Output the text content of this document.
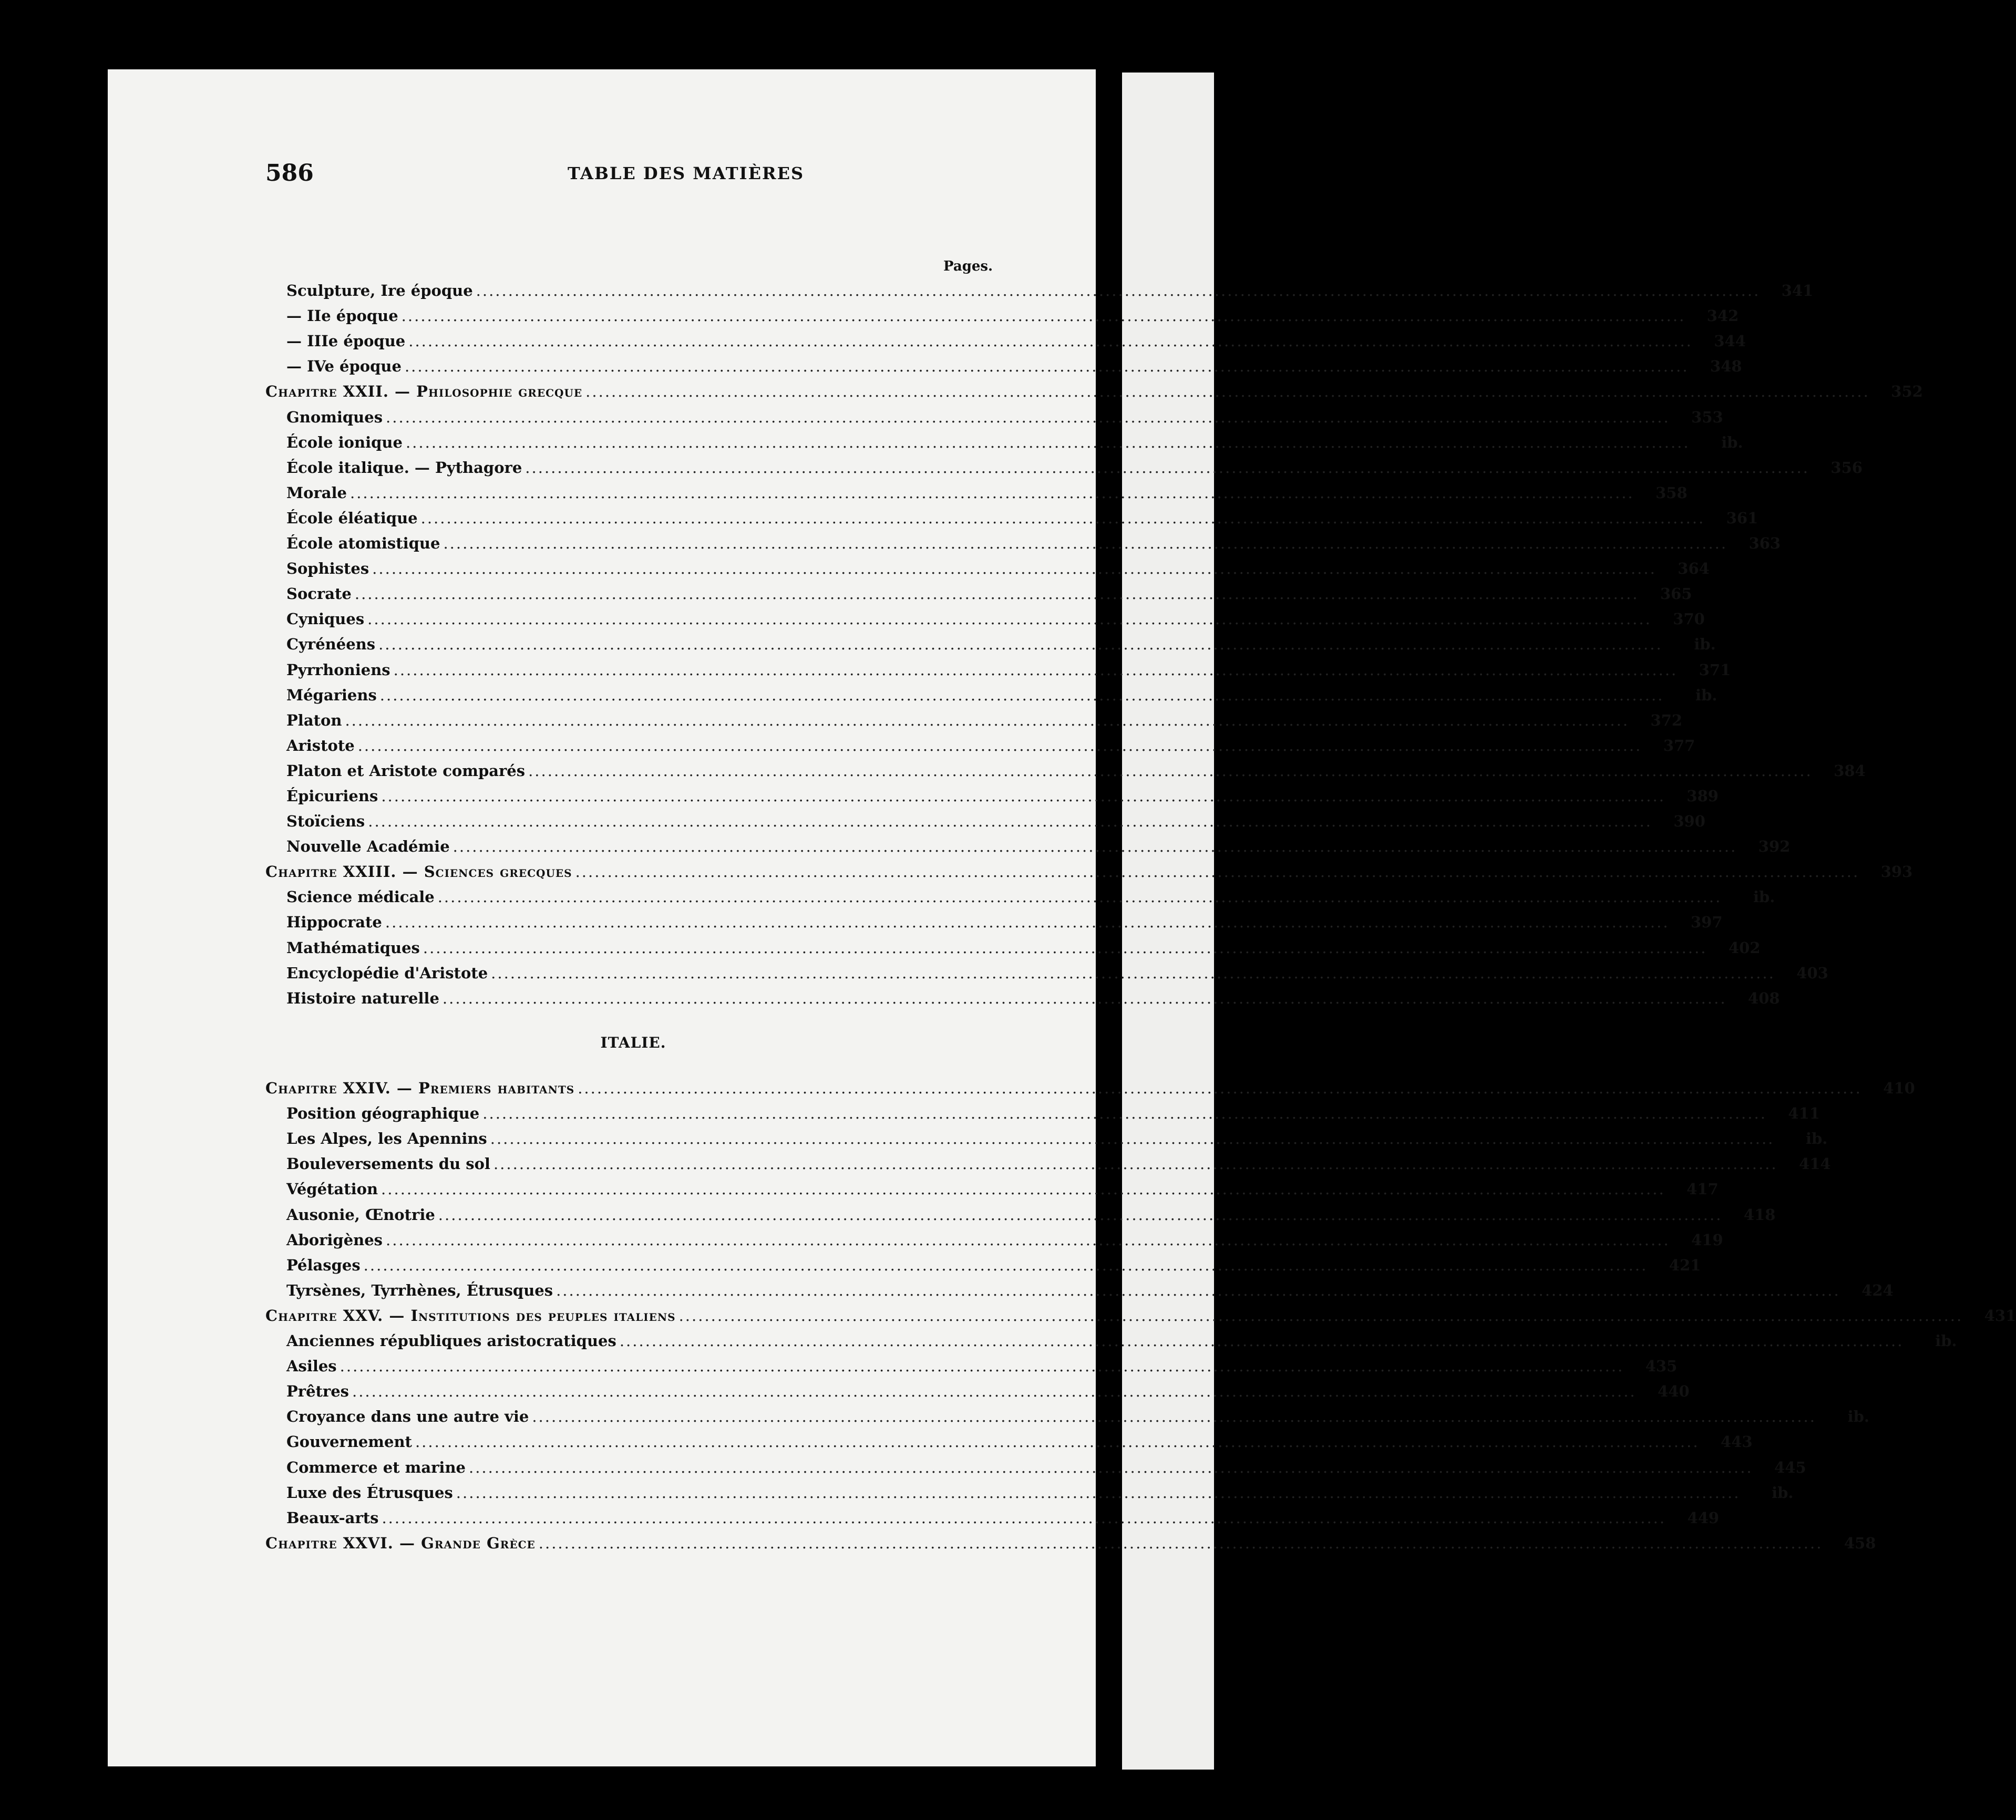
586	TABLE DES MATIÈRES
Pages.
Sculpture, Ire époque ........................................................................................................................................................................................................	341
— IIe époque ........................................................................................................................................................................................................	342
— IIIe époque ........................................................................................................................................................................................................	344
— IVe époque ........................................................................................................................................................................................................	348
Chapitre XXII. — Philosophie grecque ........................................................................................................................................................................................................	352
Gnomiques ........................................................................................................................................................................................................	353
École ionique ........................................................................................................................................................................................................	ib.
École italique. — Pythagore ........................................................................................................................................................................................................	356
Morale ........................................................................................................................................................................................................	358
École éléatique ........................................................................................................................................................................................................	361
École atomistique ........................................................................................................................................................................................................	363
Sophistes ........................................................................................................................................................................................................	364
Socrate ........................................................................................................................................................................................................	365
Cyniques ........................................................................................................................................................................................................	370
Cyrénéens ........................................................................................................................................................................................................	ib.
Pyrrhoniens ........................................................................................................................................................................................................	371
Mégariens ........................................................................................................................................................................................................	ib.
Platon ........................................................................................................................................................................................................	372
Aristote ........................................................................................................................................................................................................	377
Platon et Aristote comparés ........................................................................................................................................................................................................	384
Épicuriens ........................................................................................................................................................................................................	389
Stoïciens ........................................................................................................................................................................................................	390
Nouvelle Académie ........................................................................................................................................................................................................	392
Chapitre XXIII. — Sciences grecques ........................................................................................................................................................................................................	393
Science médicale ........................................................................................................................................................................................................	ib.
Hippocrate ........................................................................................................................................................................................................	397
Mathématiques ........................................................................................................................................................................................................	402
Encyclopédie d'Aristote ........................................................................................................................................................................................................	403
Histoire naturelle ........................................................................................................................................................................................................	408
ITALIE.
Chapitre XXIV. — Premiers habitants ........................................................................................................................................................................................................	410
Position géographique ........................................................................................................................................................................................................	411
Les Alpes, les Apennins ........................................................................................................................................................................................................	ib.
Bouleversements du sol ........................................................................................................................................................................................................	414
Végétation ........................................................................................................................................................................................................	417
Ausonie, Œnotrie ........................................................................................................................................................................................................	418
Aborigènes ........................................................................................................................................................................................................	419
Pélasges ........................................................................................................................................................................................................	421
Tyrsènes, Tyrrhènes, Étrusques ........................................................................................................................................................................................................	424
Chapitre XXV. — Institutions des peuples italiens ........................................................................................................................................................................................................	431
Anciennes républiques aristocratiques ........................................................................................................................................................................................................	ib.
Asiles ........................................................................................................................................................................................................	435
Prêtres ........................................................................................................................................................................................................	440
Croyance dans une autre vie ........................................................................................................................................................................................................	ib.
Gouvernement ........................................................................................................................................................................................................	443
Commerce et marine ........................................................................................................................................................................................................	445
Luxe des Étrusques ........................................................................................................................................................................................................	ib.
Beaux-arts ........................................................................................................................................................................................................	449
Chapitre XXVI. — Grande Grèce ........................................................................................................................................................................................................	458
